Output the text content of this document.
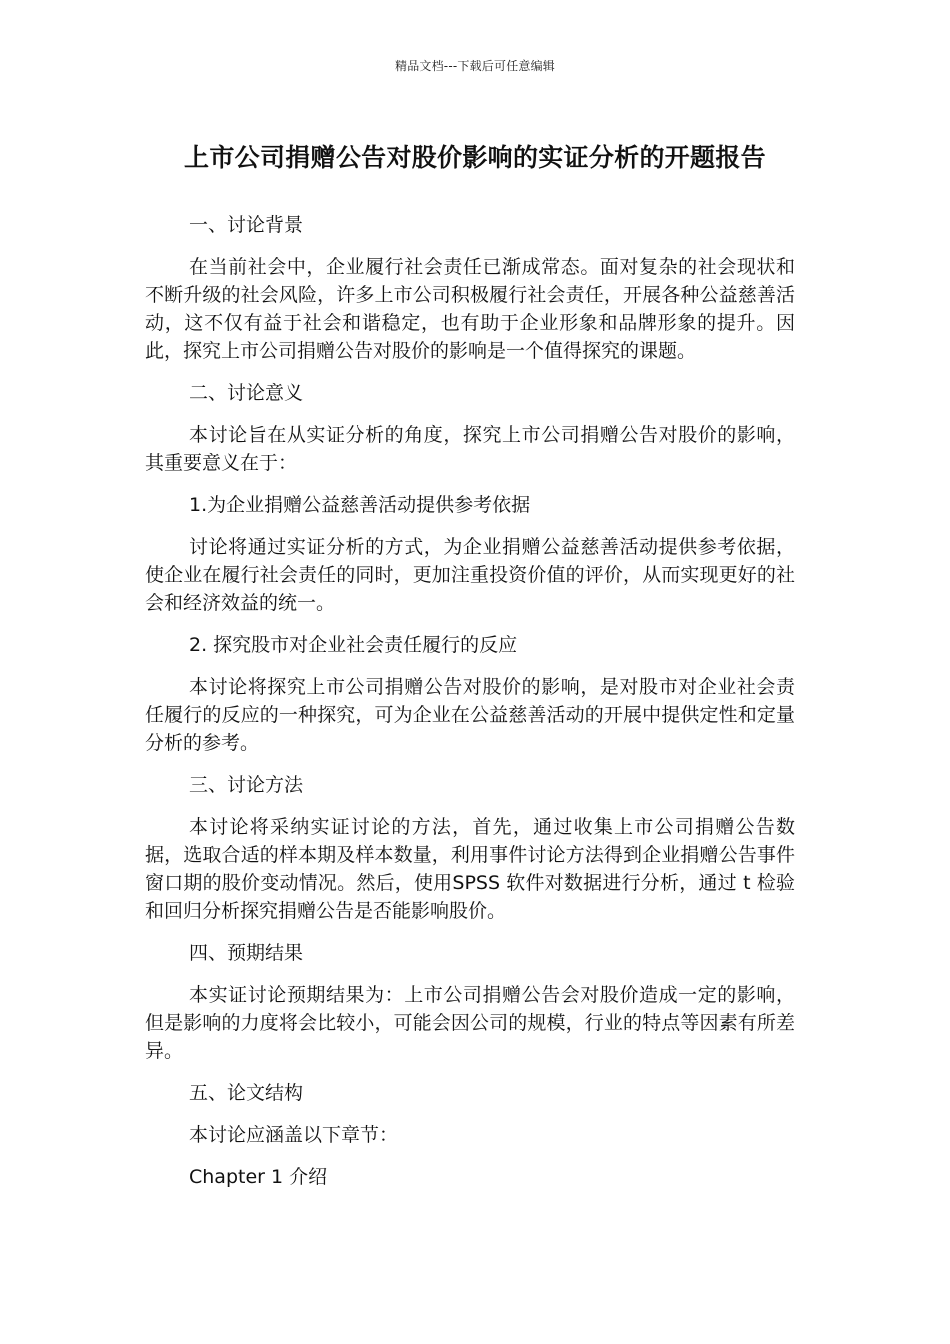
精品文档---下载后可任意编辑
上市公司捐赠公告对股价影响的实证分析的开题报告

一、讨论背景

在当前社会中，企业履行社会责任已渐成常态。面对复杂的社会现状和不断升级的社会风险，许多上市公司积极履行社会责任，开展各种公益慈善活动，这不仅有益于社会和谐稳定，也有助于企业形象和品牌形象的提升。因此，探究上市公司捐赠公告对股价的影响是一个值得探究的课题。

二、讨论意义

本讨论旨在从实证分析的角度，探究上市公司捐赠公告对股价的影响，其重要意义在于：

1.为企业捐赠公益慈善活动提供参考依据

讨论将通过实证分析的方式，为企业捐赠公益慈善活动提供参考依据，使企业在履行社会责任的同时，更加注重投资价值的评价，从而实现更好的社会和经济效益的统一。

2. 探究股市对企业社会责任履行的反应

本讨论将探究上市公司捐赠公告对股价的影响，是对股市对企业社会责任履行的反应的一种探究，可为企业在公益慈善活动的开展中提供定性和定量分析的参考。

三、讨论方法

本讨论将采纳实证讨论的方法，首先，通过收集上市公司捐赠公告数据，选取合适的样本期及样本数量，利用事件讨论方法得到企业捐赠公告事件窗口期的股价变动情况。然后，使用SPSS 软件对数据进行分析，通过 t 检验和回归分析探究捐赠公告是否能影响股价。

四、预期结果

本实证讨论预期结果为：上市公司捐赠公告会对股价造成一定的影响，但是影响的力度将会比较小，可能会因公司的规模，行业的特点等因素有所差异。

五、论文结构

本讨论应涵盖以下章节：

Chapter 1 介绍
